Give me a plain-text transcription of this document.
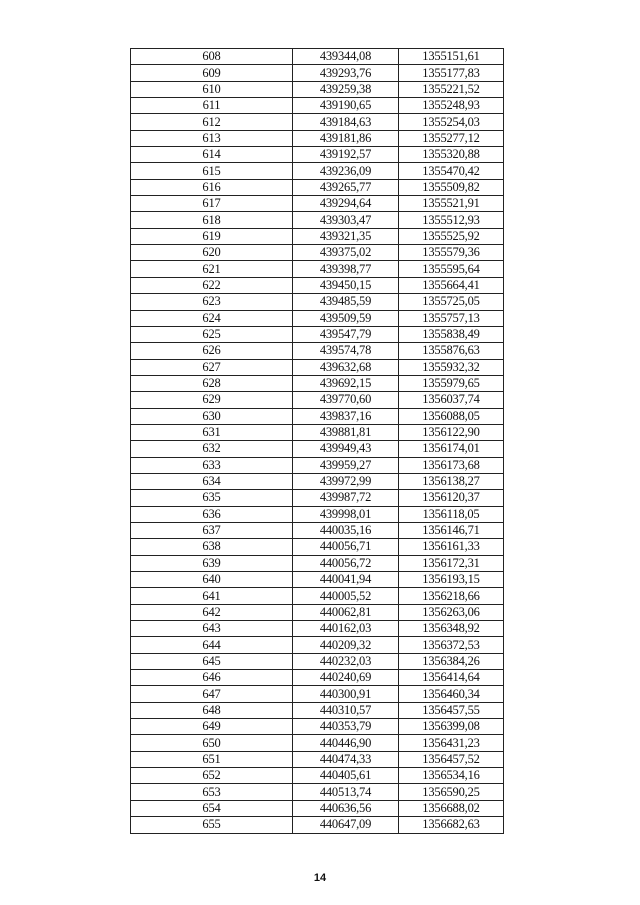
608	439344,08	1355151,61
609	439293,76	1355177,83
610	439259,38	1355221,52
611	439190,65	1355248,93
612	439184,63	1355254,03
613	439181,86	1355277,12
614	439192,57	1355320,88
615	439236,09	1355470,42
616	439265,77	1355509,82
617	439294,64	1355521,91
618	439303,47	1355512,93
619	439321,35	1355525,92
620	439375,02	1355579,36
621	439398,77	1355595,64
622	439450,15	1355664,41
623	439485,59	1355725,05
624	439509,59	1355757,13
625	439547,79	1355838,49
626	439574,78	1355876,63
627	439632,68	1355932,32
628	439692,15	1355979,65
629	439770,60	1356037,74
630	439837,16	1356088,05
631	439881,81	1356122,90
632	439949,43	1356174,01
633	439959,27	1356173,68
634	439972,99	1356138,27
635	439987,72	1356120,37
636	439998,01	1356118,05
637	440035,16	1356146,71
638	440056,71	1356161,33
639	440056,72	1356172,31
640	440041,94	1356193,15
641	440005,52	1356218,66
642	440062,81	1356263,06
643	440162,03	1356348,92
644	440209,32	1356372,53
645	440232,03	1356384,26
646	440240,69	1356414,64
647	440300,91	1356460,34
648	440310,57	1356457,55
649	440353,79	1356399,08
650	440446,90	1356431,23
651	440474,33	1356457,52
652	440405,61	1356534,16
653	440513,74	1356590,25
654	440636,56	1356688,02
655	440647,09	1356682,63
14
